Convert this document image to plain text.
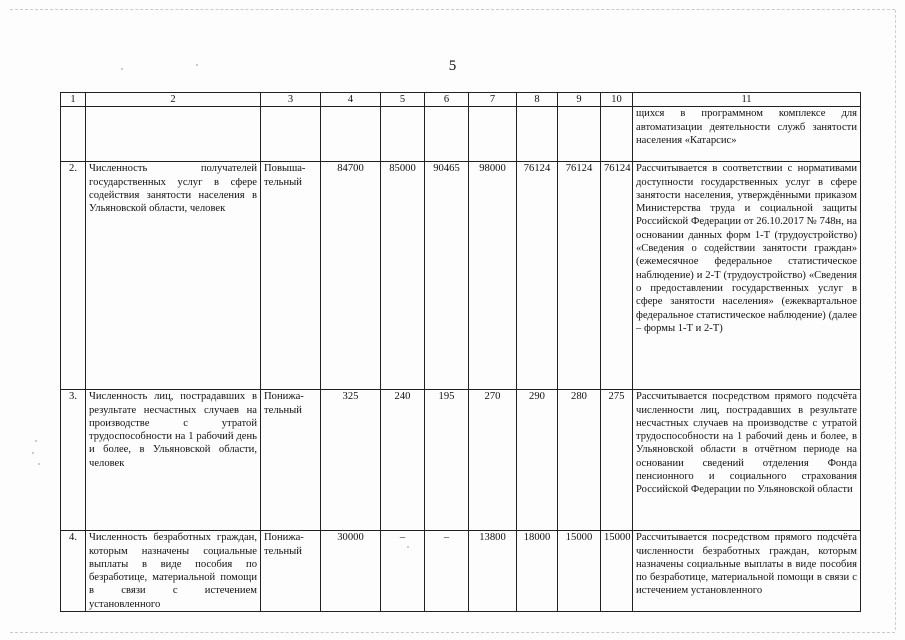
5
1	2	3	4	5	6	7	8	9	10	11
										щихся в программном комплексе для автоматизации деятельности служб занятости населения «Катарсис»
2.	Численность получателей государственных услуг в сфере содействия занятости населения в Ульяновской области, человек	Повыша-тельный	84700	85000	90465	98000	76124	76124	76124	Рассчитывается в соответствии с нормативами доступности государственных услуг в сфере занятости населения, утверждёнными приказом Министерства труда и социальной защиты Российской Федерации от 26.10.2017 № 748н, на основании данных форм 1-Т (трудоустройство) «Сведения о содействии занятости граждан» (ежемесячное федеральное статистическое наблюдение) и 2-Т (трудоустройство) «Сведения о предоставлении государственных услуг в сфере занятости населения» (ежеквартальное федеральное статистическое наблюдение) (далее – формы 1-Т и 2-Т)
3.	Численность лиц, пострадавших в результате несчастных случаев на производстве с утратой трудоспособности на 1 рабочий день и более, в Ульяновской области, человек	Понижа-тельный	325	240	195	270	290	280	275	Рассчитывается посредством прямого подсчёта численности лиц, пострадавших в результате несчастных случаев на производстве с утратой трудоспособности на 1 рабочий день и более, в Ульяновской области в отчётном периоде на основании сведений отделения Фонда пенсионного и социального страхования Российской Федерации по Ульяновской области
4.	Численность безработных граждан, которым назначены социальные выплаты в виде пособия по безработице, материальной помощи в связи с истечением установленного	Понижа-тельный	30000	–	–	13800	18000	15000	15000	Рассчитывается посредством прямого подсчёта численности безработных граждан, которым назначены социальные выплаты в виде пособия по безработице, материальной помощи в связи с истечением установленного
